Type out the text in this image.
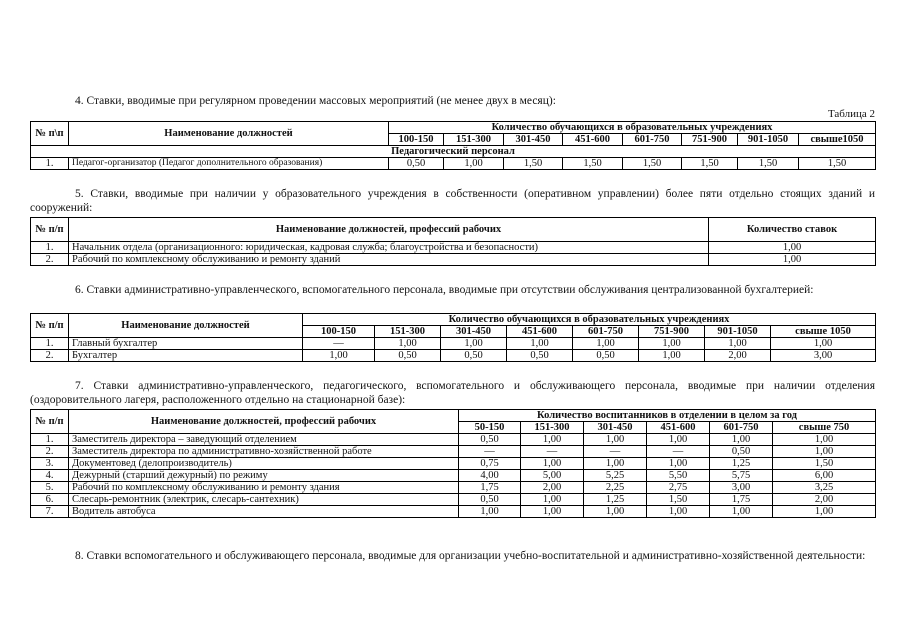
4. Ставки, вводимые при регулярном проведении массовых мероприятий (не менее двух в месяц):
Таблица 2
№ п\п	Наименование должностей	Количество обучающихся в образовательных учреждениях							
		100-150	151-300	301-450	451-600	601-750	751-900	901-1050	свыше1050
Педагогический персонал									
1.	Педагог-организатор (Педагог дополнительного образования)	0,50	1,00	1,50	1,50	1,50	1,50	1,50	1,50
5. Ставки, вводимые при наличии у образовательного учреждения в собственности (оперативном управлении) более пяти отдельно стоящих зданий и сооружений:
№ п/п	Наименование должностей, профессий рабочих	Количество ставок
1.	Начальник отдела (организационного: юридическая, кадровая служба; благоустройства и безопасности)	1,00
2.	Рабочий по комплексному обслуживанию и ремонту зданий	1,00
6. Ставки административно-управленческого, вспомогательного персонала, вводимые при отсутствии обслуживания централизованной бухгалтерией:
№ п/п	Наименование должностей	Количество обучающихся в образовательных учреждениях							
		100-150	151-300	301-450	451-600	601-750	751-900	901-1050	свыше 1050
1.	Главный бухгалтер	—	1,00	1,00	1,00	1,00	1,00	1,00	1,00
2.	Бухгалтер	1,00	0,50	0,50	0,50	0,50	1,00	2,00	3,00
7. Ставки административно-управленческого, педагогического, вспомогательного и обслуживающего персонала, вводимые при наличии отделения (оздоровительного лагеря, расположенного отдельно на стационарной базе):
№ п/п	Наименование должностей, профессий рабочих	Количество воспитанников в отделении в целом за год					
		50-150	151-300	301-450	451-600	601-750	свыше 750
1.	Заместитель директора – заведующий отделением	0,50	1,00	1,00	1,00	1,00	1,00
2.	Заместитель директора по административно-хозяйственной работе	—	—	—	—	0,50	1,00
3.	Документовед (делопроизводитель)	0,75	1,00	1,00	1,00	1,25	1,50
4.	Дежурный (старший дежурный) по режиму	4,00	5,00	5,25	5,50	5,75	6,00
5.	Рабочий по комплексному обслуживанию и ремонту здания	1,75	2,00	2,25	2,75	3,00	3,25
6.	Слесарь-ремонтник (электрик, слесарь-сантехник)	0,50	1,00	1,25	1,50	1,75	2,00
7.	Водитель автобуса	1,00	1,00	1,00	1,00	1,00	1,00
8. Ставки вспомогательного и обслуживающего персонала, вводимые для организации учебно-воспитательной и административно-хозяйственной деятельности:
